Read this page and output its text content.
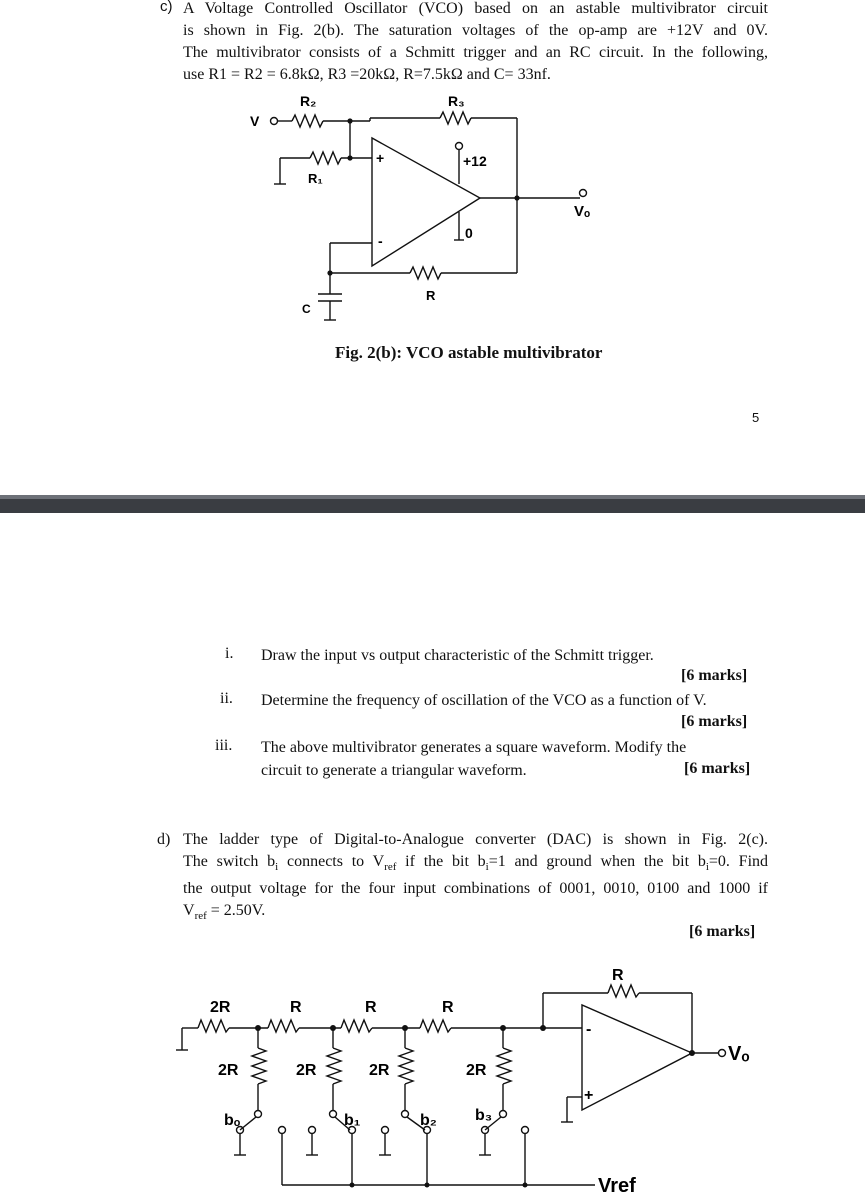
c) A Voltage Controlled Oscillator (VCO) based on an astable multivibrator circuit
is shown in Fig. 2(b). The saturation voltages of the op-amp are +12V and 0V.
The multivibrator consists of a Schmitt trigger and an RC circuit. In the following,
use R1 = R2 = 6.8kΩ, R3 =20kΩ, R=7.5kΩ and C= 33nf.
V
R₂	R₃
R₁
+12
0
+
-
Vₒ
R
C
Fig. 2(b): VCO astable multivibrator
5
i. Draw the input vs output characteristic of the Schmitt trigger.
[6 marks]
ii. Determine the frequency of oscillation of the VCO as a function of V.
[6 marks]
iii. The above multivibrator generates a square waveform. Modify the
circuit to generate a triangular waveform.	[6 marks]
d) The ladder type of Digital-to-Analogue converter (DAC) is shown in Fig. 2(c).
The switch $b_i$ connects to $V_{ref}$ if the bit $b_i=1$ and ground when the bit $b_i=0$. Find
the output voltage for the four input combinations of 0001, 0010, 0100 and 1000 if
$V_{ref} = 2.50V$.
[6 marks]
2R	R	R	R
R
2R	2R	2R	2R
bₒ	b₁	b₂ b₃
-
+
Vₒ
Vref
